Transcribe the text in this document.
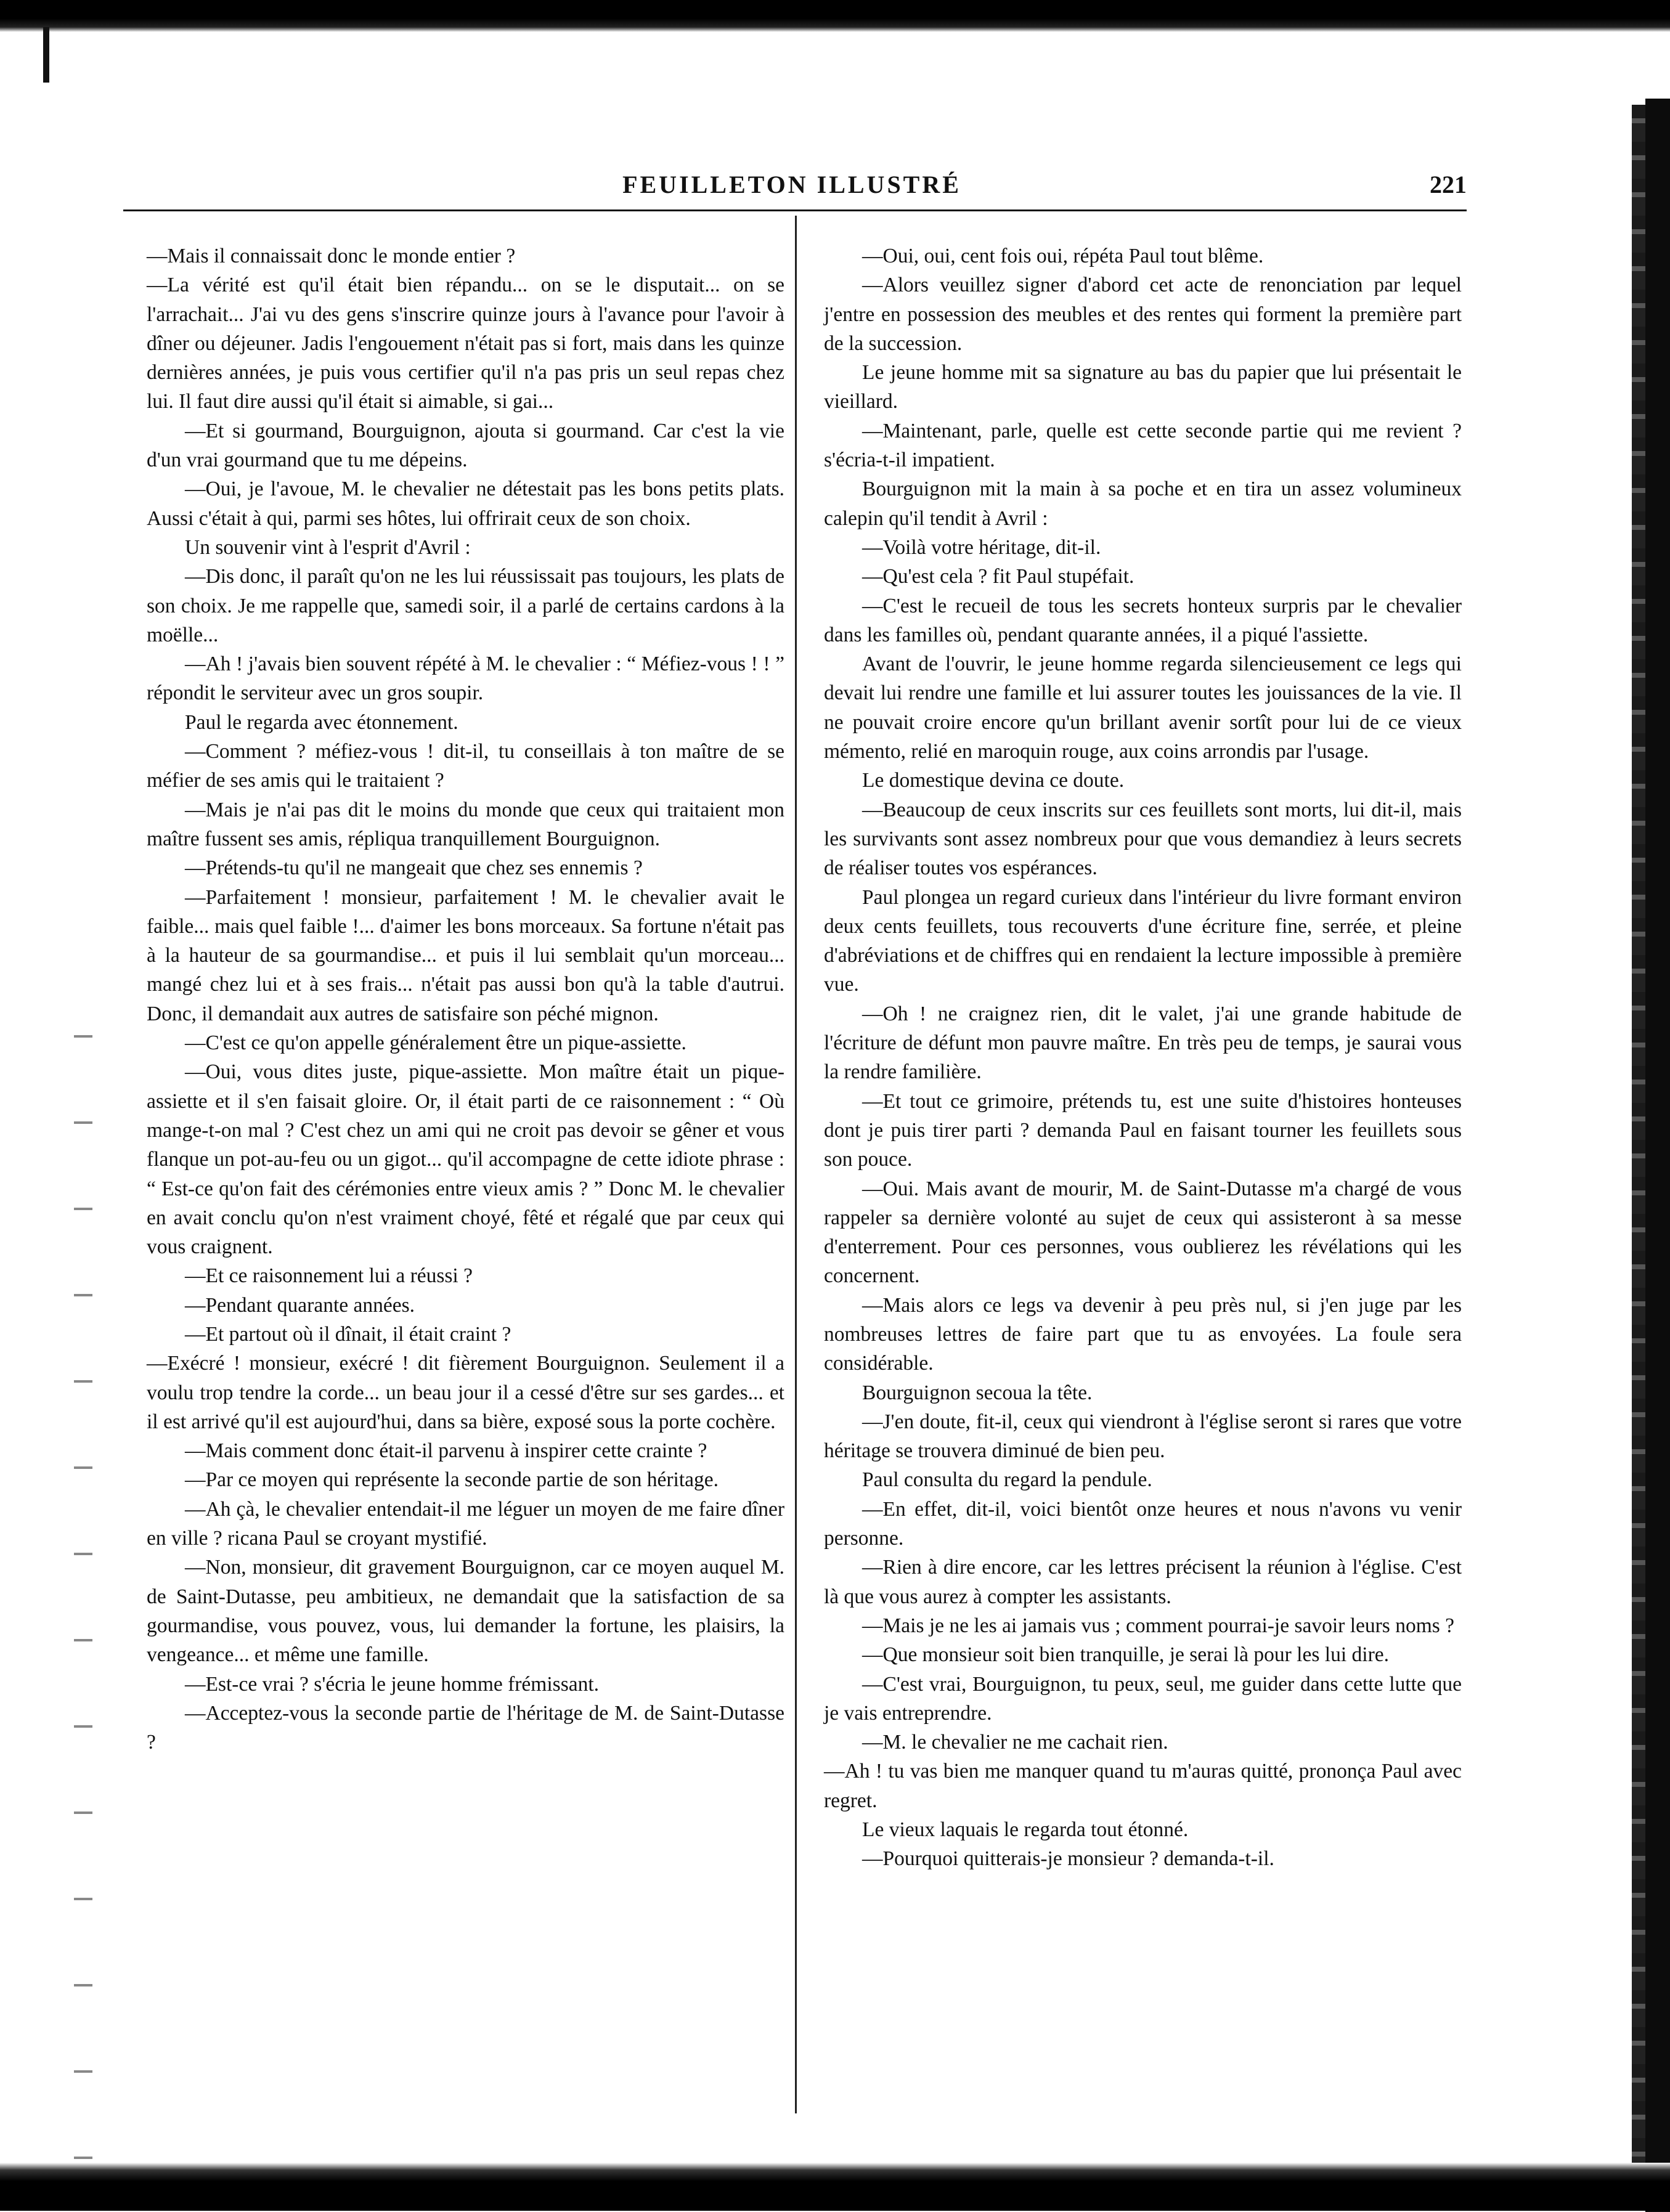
FEUILLETON ILLUSTRÉ	221

—Mais il connaissait donc le monde entier ?

—La vérité est qu'il était bien répandu... on se le disputait... on se l'arrachait... J'ai vu des gens s'inscrire quinze jours à l'avance pour l'avoir à dîner ou déjeuner. Jadis l'engouement n'était pas si fort, mais dans les quinze dernières années, je puis vous certifier qu'il n'a pas pris un seul repas chez lui. Il faut dire aussi qu'il était si aimable, si gai...

—Et si gourmand, Bourguignon, ajouta si gourmand. Car c'est la vie d'un vrai gourmand que tu me dépeins.

—Oui, je l'avoue, M. le chevalier ne détestait pas les bons petits plats. Aussi c'était à qui, parmi ses hôtes, lui offrirait ceux de son choix.

Un souvenir vint à l'esprit d'Avril :

—Dis donc, il paraît qu'on ne les lui réussissait pas toujours, les plats de son choix. Je me rappelle que, samedi soir, il a parlé de certains cardons à la moëlle...

—Ah ! j'avais bien souvent répété à M. le chevalier : “ Méfiez-vous ! ! ” répondit le serviteur avec un gros soupir.

Paul le regarda avec étonnement.

—Comment ? méfiez-vous ! dit-il, tu conseillais à ton maître de se méfier de ses amis qui le traitaient ?

—Mais je n'ai pas dit le moins du monde que ceux qui traitaient mon maître fussent ses amis, répliqua tranquillement Bourguignon.

—Prétends-tu qu'il ne mangeait que chez ses ennemis ?

—Parfaitement ! monsieur, parfaitement ! M. le chevalier avait le faible... mais quel faible !... d'aimer les bons morceaux. Sa fortune n'était pas à la hauteur de sa gourmandise... et puis il lui semblait qu'un morceau... mangé chez lui et à ses frais... n'était pas aussi bon qu'à la table d'autrui. Donc, il demandait aux autres de satisfaire son péché mignon.

—C'est ce qu'on appelle généralement être un pique-assiette.

—Oui, vous dites juste, pique-assiette. Mon maître était un pique-assiette et il s'en faisait gloire. Or, il était parti de ce raisonnement : “ Où mange-t-on mal ? C'est chez un ami qui ne croit pas devoir se gêner et vous flanque un pot-au-feu ou un gigot... qu'il accompagne de cette idiote phrase : “ Est-ce qu'on fait des cérémonies entre vieux amis ? ” Donc M. le chevalier en avait conclu qu'on n'est vraiment choyé, fêté et régalé que par ceux qui vous craignent.

—Et ce raisonnement lui a réussi ?

—Pendant quarante années.

—Et partout où il dînait, il était craint ?

—Exécré ! monsieur, exécré ! dit fièrement Bourguignon. Seulement il a voulu trop tendre la corde... un beau jour il a cessé d'être sur ses gardes... et il est arrivé qu'il est aujourd'hui, dans sa bière, exposé sous la porte cochère.

—Mais comment donc était-il parvenu à inspirer cette crainte ?

—Par ce moyen qui représente la seconde partie de son héritage.

—Ah çà, le chevalier entendait-il me léguer un moyen de me faire dîner en ville ? ricana Paul se croyant mystifié.

—Non, monsieur, dit gravement Bourguignon, car ce moyen auquel M. de Saint-Dutasse, peu ambitieux, ne demandait que la satisfaction de sa gourmandise, vous pouvez, vous, lui demander la fortune, les plaisirs, la vengeance... et même une famille.

—Est-ce vrai ? s'écria le jeune homme frémissant.

—Acceptez-vous la seconde partie de l'héritage de M. de Saint-Dutasse ?

—Oui, oui, cent fois oui, répéta Paul tout blême.

—Alors veuillez signer d'abord cet acte de renonciation par lequel j'entre en possession des meubles et des rentes qui forment la première part de la succession.

Le jeune homme mit sa signature au bas du papier que lui présentait le vieillard.

—Maintenant, parle, quelle est cette seconde partie qui me revient ? s'écria-t-il impatient.

Bourguignon mit la main à sa poche et en tira un assez volumineux calepin qu'il tendit à Avril :

—Voilà votre héritage, dit-il.

—Qu'est cela ? fit Paul stupéfait.

—C'est le recueil de tous les secrets honteux surpris par le chevalier dans les familles où, pendant quarante années, il a piqué l'assiette.

Avant de l'ouvrir, le jeune homme regarda silencieusement ce legs qui devait lui rendre une famille et lui assurer toutes les jouissances de la vie. Il ne pouvait croire encore qu'un brillant avenir sortît pour lui de ce vieux mémento, relié en maroquin rouge, aux coins arrondis par l'usage.

Le domestique devina ce doute.

—Beaucoup de ceux inscrits sur ces feuillets sont morts, lui dit-il, mais les survivants sont assez nombreux pour que vous demandiez à leurs secrets de réaliser toutes vos espérances.

Paul plongea un regard curieux dans l'intérieur du livre formant environ deux cents feuillets, tous recouverts d'une écriture fine, serrée, et pleine d'abréviations et de chiffres qui en rendaient la lecture impossible à première vue.

—Oh ! ne craignez rien, dit le valet, j'ai une grande habitude de l'écriture de défunt mon pauvre maître. En très peu de temps, je saurai vous la rendre familière.

—Et tout ce grimoire, prétends tu, est une suite d'histoires honteuses dont je puis tirer parti ? demanda Paul en faisant tourner les feuillets sous son pouce.

—Oui. Mais avant de mourir, M. de Saint-Dutasse m'a chargé de vous rappeler sa dernière volonté au sujet de ceux qui assisteront à sa messe d'enterrement. Pour ces personnes, vous oublierez les révélations qui les concernent.

—Mais alors ce legs va devenir à peu près nul, si j'en juge par les nombreuses lettres de faire part que tu as envoyées. La foule sera considérable.

Bourguignon secoua la tête.

—J'en doute, fit-il, ceux qui viendront à l'église seront si rares que votre héritage se trouvera diminué de bien peu.

Paul consulta du regard la pendule.

—En effet, dit-il, voici bientôt onze heures et nous n'avons vu venir personne.

—Rien à dire encore, car les lettres précisent la réunion à l'église. C'est là que vous aurez à compter les assistants.

—Mais je ne les ai jamais vus ; comment pourrai-je savoir leurs noms ?

—Que monsieur soit bien tranquille, je serai là pour les lui dire.

—C'est vrai, Bourguignon, tu peux, seul, me guider dans cette lutte que je vais entreprendre.

—M. le chevalier ne me cachait rien.

—Ah ! tu vas bien me manquer quand tu m'auras quitté, prononça Paul avec regret.

Le vieux laquais le regarda tout étonné.

—Pourquoi quitterais-je monsieur ? demanda-t-il.
